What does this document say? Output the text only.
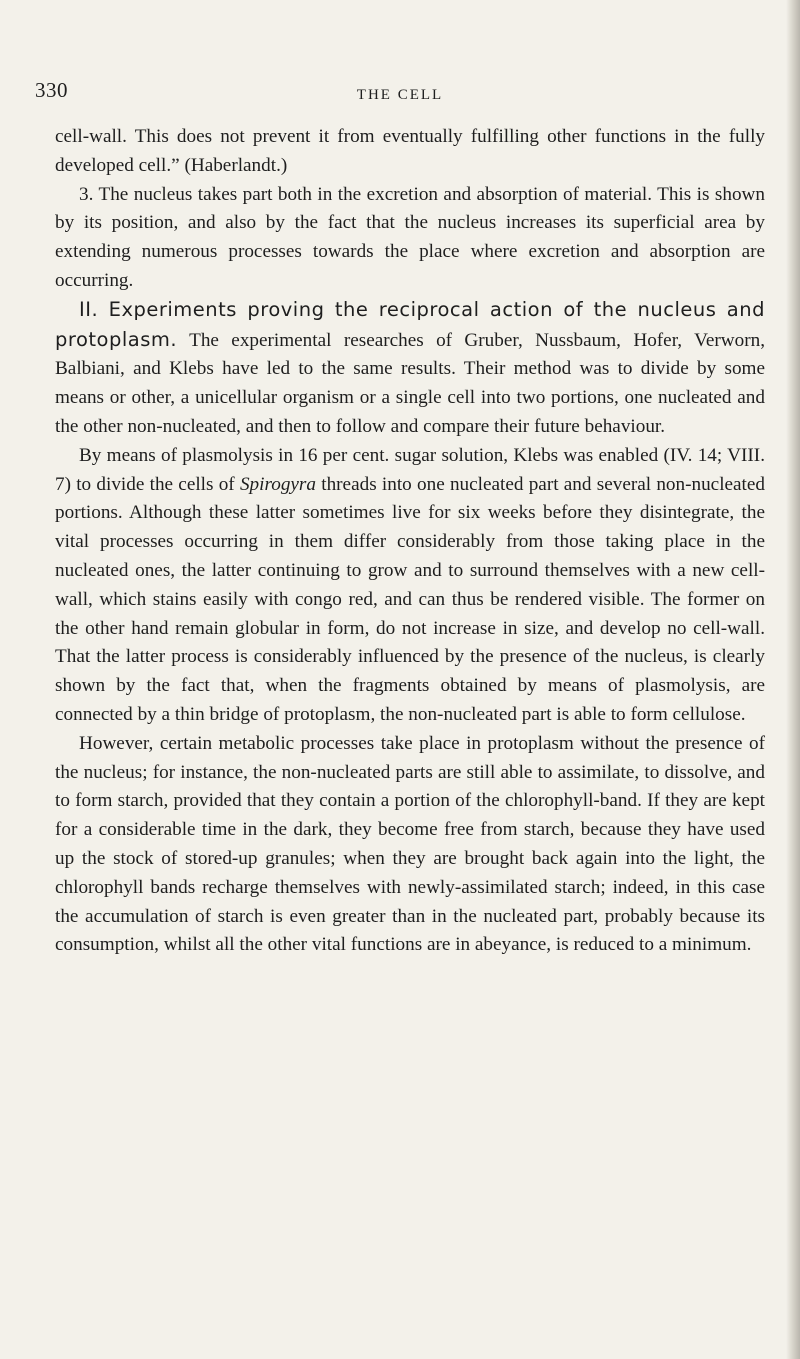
330	THE CELL

cell-wall. This does not prevent it from eventually fulfilling other functions in the fully developed cell.” (Haberlandt.)

3. The nucleus takes part both in the excretion and absorption of material. This is shown by its position, and also by the fact that the nucleus increases its superficial area by extending numerous processes towards the place where excretion and absorption are occurring.

II. Experiments proving the reciprocal action of the nucleus and protoplasm. The experimental researches of Gruber, Nussbaum, Hofer, Verworn, Balbiani, and Klebs have led to the same results. Their method was to divide by some means or other, a unicellular organism or a single cell into two portions, one nucleated and the other non-nucleated, and then to follow and compare their future behaviour.

By means of plasmolysis in 16 per cent. sugar solution, Klebs was enabled (IV. 14; VIII. 7) to divide the cells of Spirogyra threads into one nucleated part and several non-nucleated portions. Although these latter sometimes live for six weeks before they disintegrate, the vital processes occurring in them differ considerably from those taking place in the nucleated ones, the latter continuing to grow and to surround themselves with a new cell-wall, which stains easily with congo red, and can thus be rendered visible. The former on the other hand remain globular in form, do not increase in size, and develop no cell-wall. That the latter process is considerably influenced by the presence of the nucleus, is clearly shown by the fact that, when the fragments obtained by means of plasmolysis, are connected by a thin bridge of protoplasm, the non-nucleated part is able to form cellulose.

However, certain metabolic processes take place in protoplasm without the presence of the nucleus; for instance, the non-nucleated parts are still able to assimilate, to dissolve, and to form starch, provided that they contain a portion of the chlorophyll-band. If they are kept for a considerable time in the dark, they become free from starch, because they have used up the stock of stored-up granules; when they are brought back again into the light, the chlorophyll bands recharge themselves with newly-assimilated starch; indeed, in this case the accumulation of starch is even greater than in the nucleated part, probably because its consumption, whilst all the other vital functions are in abeyance, is reduced to a minimum.
